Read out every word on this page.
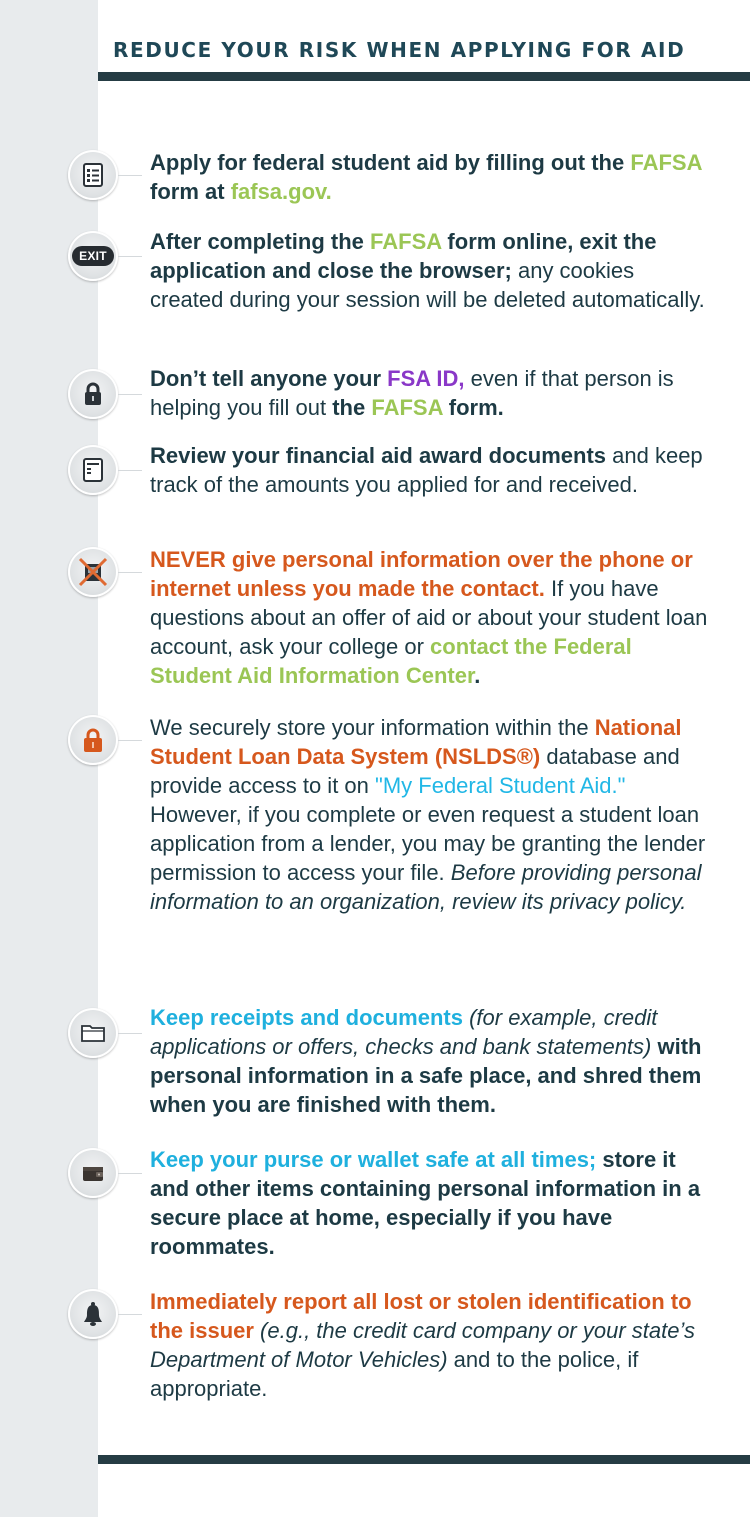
REDUCE YOUR RISK WHEN APPLYING FOR AID

Apply for federal student aid by filling out the FAFSA form at fafsa.gov.

EXIT

After completing the FAFSA form online, exit the application and close the browser; any cookies created during your session will be deleted automatically.

Don’t tell anyone your FSA ID, even if that person is helping you fill out the FAFSA form.

Review your financial aid award documents and keep track of the amounts you applied for and received.

NEVER give personal information over the phone or internet unless you made the contact. If you have questions about an offer of aid or about your student loan account, ask your college or contact the Federal Student Aid Information Center.

We securely store your information within the National Student Loan Data System (NSLDS®) database and provide access to it on "My Federal Student Aid." However, if you complete or even request a student loan application from a lender, you may be granting the lender permission to access your file. Before providing personal information to an organization, review its privacy policy.

Keep receipts and documents (for example, credit applications or offers, checks and bank statements) with personal information in a safe place, and shred them when you are finished with them.

Keep your purse or wallet safe at all times; store it and other items containing personal information in a secure place at home, especially if you have roommates.

Immediately report all lost or stolen identification to the issuer (e.g., the credit card company or your state’s Department of Motor Vehicles) and to the police, if appropriate.
